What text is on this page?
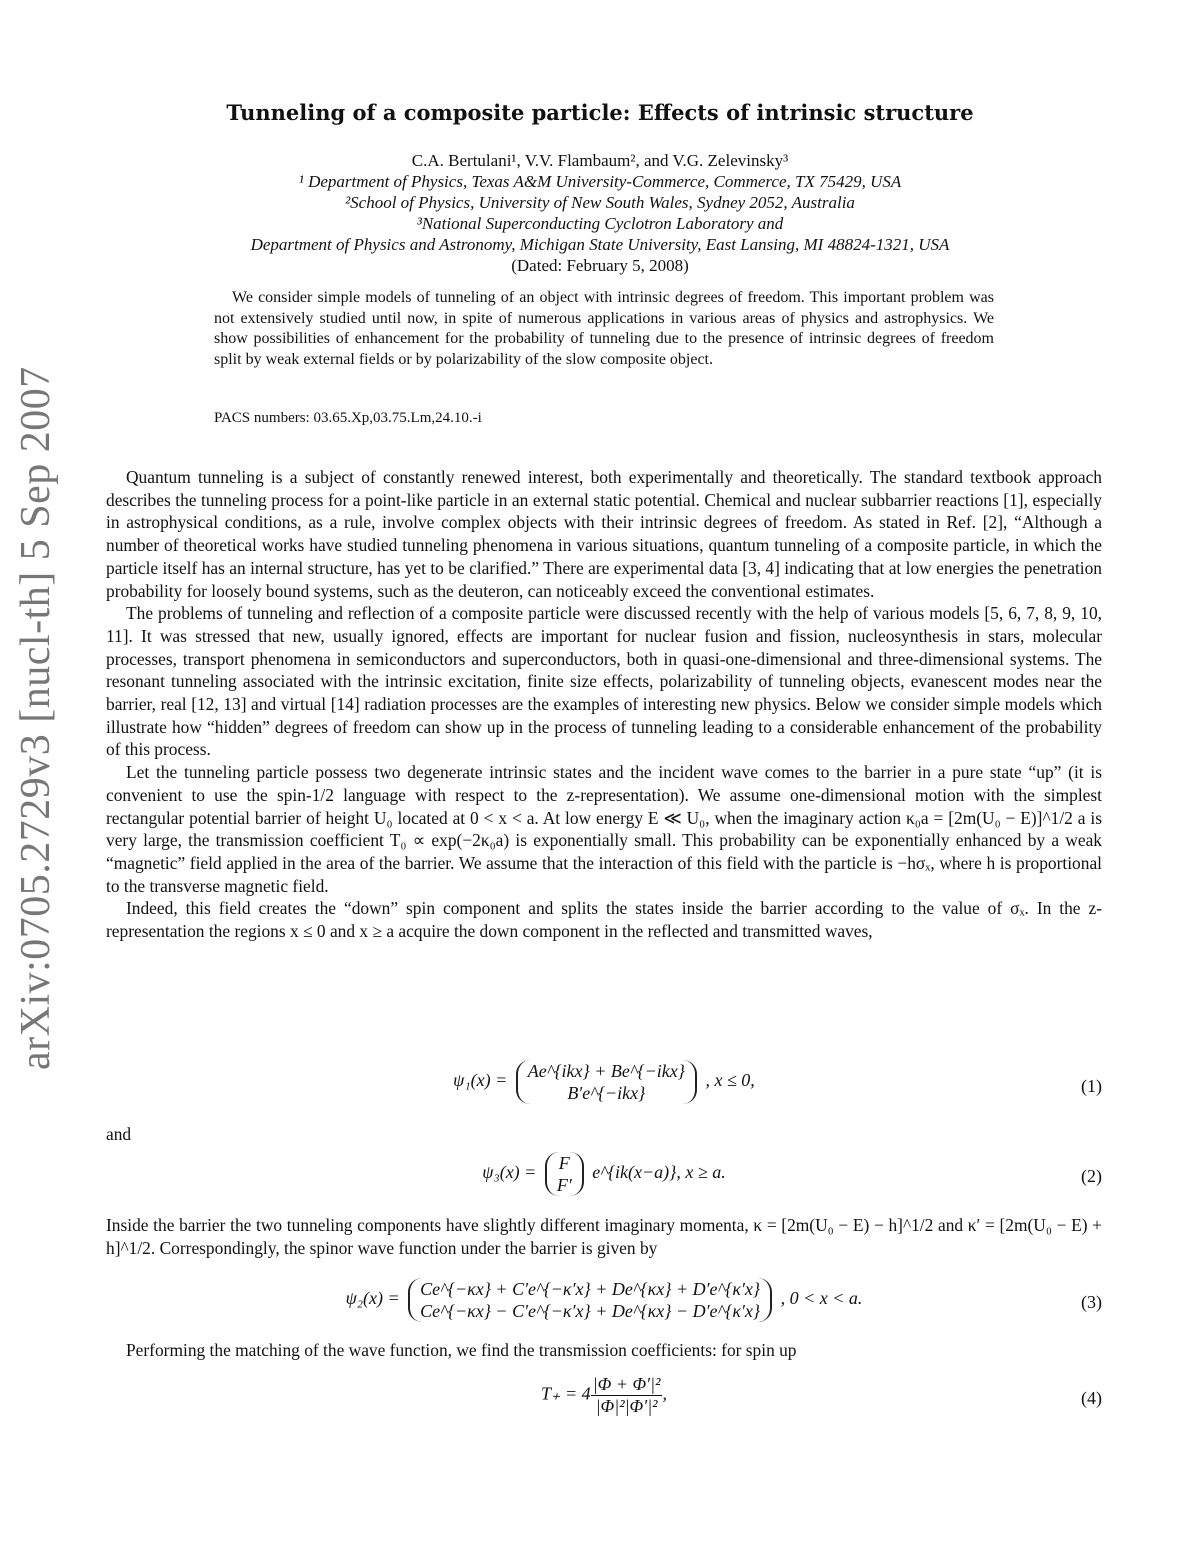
arXiv:0705.2729v3 [nucl-th] 5 Sep 2007
Tunneling of a composite particle: Effects of intrinsic structure
C.A. Bertulani¹, V.V. Flambaum², and V.G. Zelevinsky³
¹ Department of Physics, Texas A&M University-Commerce, Commerce, TX 75429, USA
²School of Physics, University of New South Wales, Sydney 2052, Australia
³National Superconducting Cyclotron Laboratory and
Department of Physics and Astronomy, Michigan State University, East Lansing, MI 48824-1321, USA
(Dated: February 5, 2008)
We consider simple models of tunneling of an object with intrinsic degrees of freedom. This important problem was not extensively studied until now, in spite of numerous applications in various areas of physics and astrophysics. We show possibilities of enhancement for the probability of tunneling due to the presence of intrinsic degrees of freedom split by weak external fields or by polarizability of the slow composite object.
PACS numbers: 03.65.Xp,03.75.Lm,24.10.-i

Quantum tunneling is a subject of constantly renewed interest, both experimentally and theoretically. The standard textbook approach describes the tunneling process for a point-like particle in an external static potential. Chemical and nuclear subbarrier reactions [1], especially in astrophysical conditions, as a rule, involve complex objects with their intrinsic degrees of freedom. As stated in Ref. [2], “Although a number of theoretical works have studied tunneling phenomena in various situations, quantum tunneling of a composite particle, in which the particle itself has an internal structure, has yet to be clarified.” There are experimental data [3, 4] indicating that at low energies the penetration probability for loosely bound systems, such as the deuteron, can noticeably exceed the conventional estimates.

The problems of tunneling and reflection of a composite particle were discussed recently with the help of various models [5, 6, 7, 8, 9, 10, 11]. It was stressed that new, usually ignored, effects are important for nuclear fusion and fission, nucleosynthesis in stars, molecular processes, transport phenomena in semiconductors and superconductors, both in quasi-one-dimensional and three-dimensional systems. The resonant tunneling associated with the intrinsic excitation, finite size effects, polarizability of tunneling objects, evanescent modes near the barrier, real [12, 13] and virtual [14] radiation processes are the examples of interesting new physics. Below we consider simple models which illustrate how “hidden” degrees of freedom can show up in the process of tunneling leading to a considerable enhancement of the probability of this process.

Let the tunneling particle possess two degenerate intrinsic states and the incident wave comes to the barrier in a pure state “up” (it is convenient to use the spin-1/2 language with respect to the z-representation). We assume one-dimensional motion with the simplest rectangular potential barrier of height U₀ located at 0 < x < a. At low energy E ≪ U₀, when the imaginary action κ₀a = [2m(U₀ − E)]^1/2 a is very large, the transmission coefficient T₀ ∝ exp(−2κ₀a) is exponentially small. This probability can be exponentially enhanced by a weak “magnetic” field applied in the area of the barrier. We assume that the interaction of this field with the particle is −hσₓ, where h is proportional to the transverse magnetic field.

Indeed, this field creates the “down” spin component and splits the states inside the barrier according to the value of σₓ. In the z-representation the regions x ≤ 0 and x ≥ a acquire the down component in the reflected and transmitted waves,

ψ₁(x) = Ae^{ikx} + Be^{−ikx}
B′e^{−ikx}
, x ≤ 0,	(1)

and

ψ₃(x) = F
F′
e^{ik(x−a)}, x ≥ a.	(2)

Inside the barrier the two tunneling components have slightly different imaginary momenta, κ = [2m(U₀ − E) − h]^1/2 and κ′ = [2m(U₀ − E) + h]^1/2. Correspondingly, the spinor wave function under the barrier is given by

ψ₂(x) = Ce^{−κx} + C′e^{−κ′x} + De^{κx} + D′e^{κ′x}
Ce^{−κx} − C′e^{−κ′x} + De^{κx} − D′e^{κ′x}
, 0 < x < a.	(3)

Performing the matching of the wave function, we find the transmission coefficients: for spin up

$T_+ = 4 \frac{\text{|Φ + Φ′|²}}{\text{|Φ|²|Φ′|²}}$ ,	(4)
